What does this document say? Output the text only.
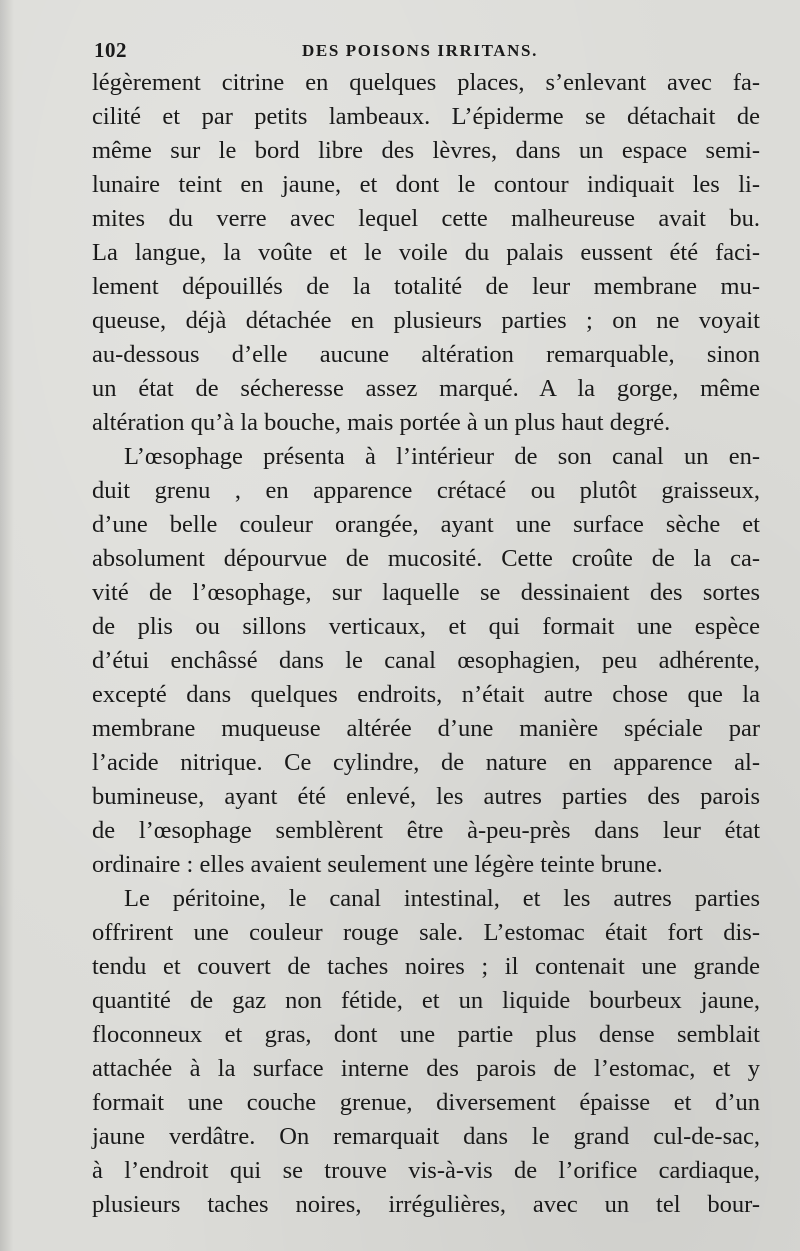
102	DES POISONS IRRITANS.
légèrement citrine en quelques places, s’enlevant avec fa-
cilité et par petits lambeaux. L’épiderme se détachait de
même sur le bord libre des lèvres, dans un espace semi-
lunaire teint en jaune, et dont le contour indiquait les li-
mites du verre avec lequel cette malheureuse avait bu.
La langue, la voûte et le voile du palais eussent été faci-
lement dépouillés de la totalité de leur membrane mu-
queuse, déjà détachée en plusieurs parties ; on ne voyait
au-dessous d’elle aucune altération remarquable, sinon
un état de sécheresse assez marqué. A la gorge, même
altération qu’à la bouche, mais portée à un plus haut degré.
L’œsophage présenta à l’intérieur de son canal un en-
duit grenu , en apparence crétacé ou plutôt graisseux,
d’une belle couleur orangée, ayant une surface sèche et
absolument dépourvue de mucosité. Cette croûte de la ca-
vité de l’œsophage, sur laquelle se dessinaient des sortes
de plis ou sillons verticaux, et qui formait une espèce
d’étui enchâssé dans le canal œsophagien, peu adhérente,
excepté dans quelques endroits, n’était autre chose que la
membrane muqueuse altérée d’une manière spéciale par
l’acide nitrique. Ce cylindre, de nature en apparence al-
bumineuse, ayant été enlevé, les autres parties des parois
de l’œsophage semblèrent être à-peu-près dans leur état
ordinaire : elles avaient seulement une légère teinte brune.
Le péritoine, le canal intestinal, et les autres parties
offrirent une couleur rouge sale. L’estomac était fort dis-
tendu et couvert de taches noires ; il contenait une grande
quantité de gaz non fétide, et un liquide bourbeux jaune,
floconneux et gras, dont une partie plus dense semblait
attachée à la surface interne des parois de l’estomac, et y
formait une couche grenue, diversement épaisse et d’un
jaune verdâtre. On remarquait dans le grand cul-de-sac,
à l’endroit qui se trouve vis-à-vis de l’orifice cardiaque,
plusieurs taches noires, irrégulières, avec un tel bour-
